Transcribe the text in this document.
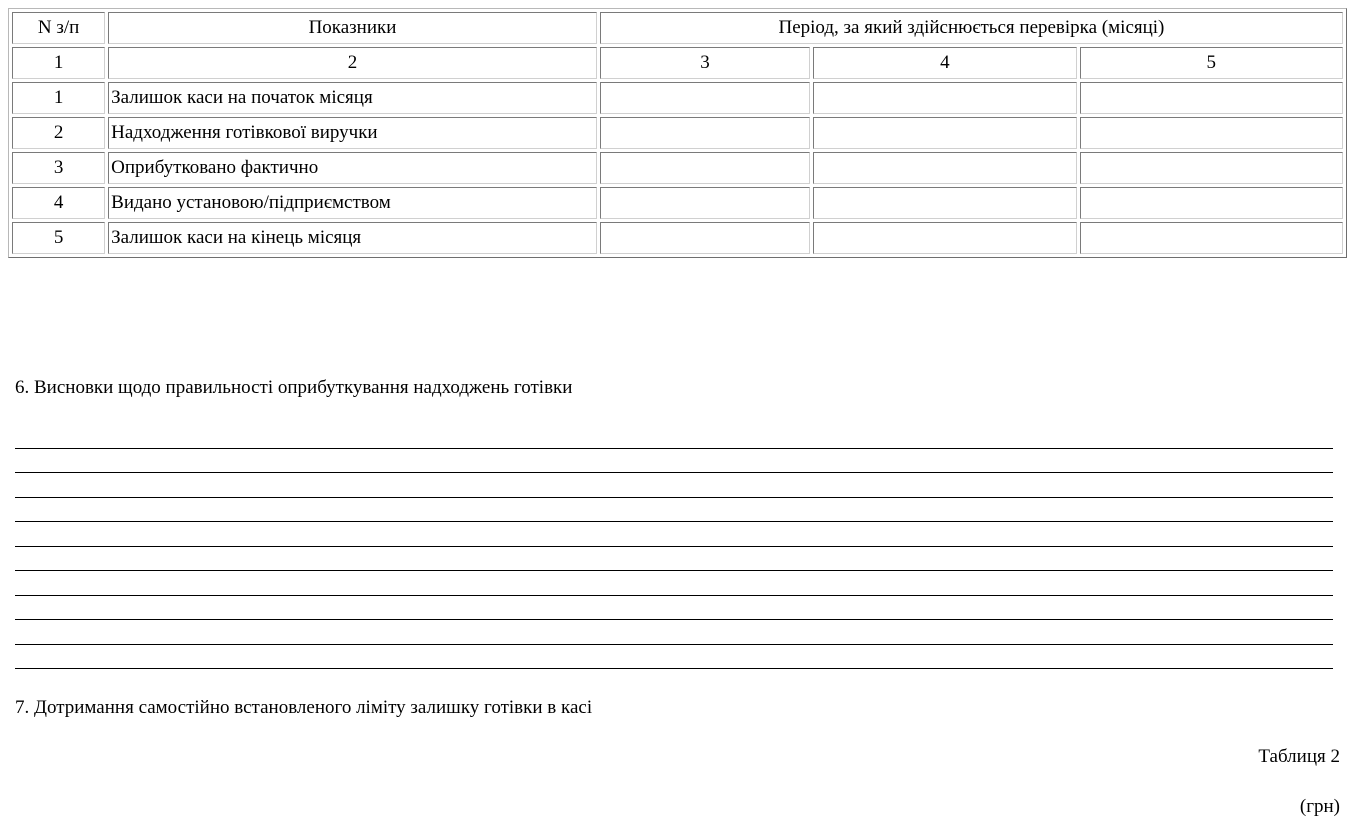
N з/п	Показники	Період, за який здійснюється перевірка (місяці)		
1	2	3	4	5
1	Залишок каси на початок місяця			
2	Надходження готівкової виручки			
3	Оприбутковано фактично			
4	Видано установою/підприємством			
5	Залишок каси на кінець місяця			
6. Висновки щодо правильності оприбуткування надходжень готівки
7. Дотримання самостійно встановленого ліміту залишку готівки в касі
Таблиця 2
(грн)
